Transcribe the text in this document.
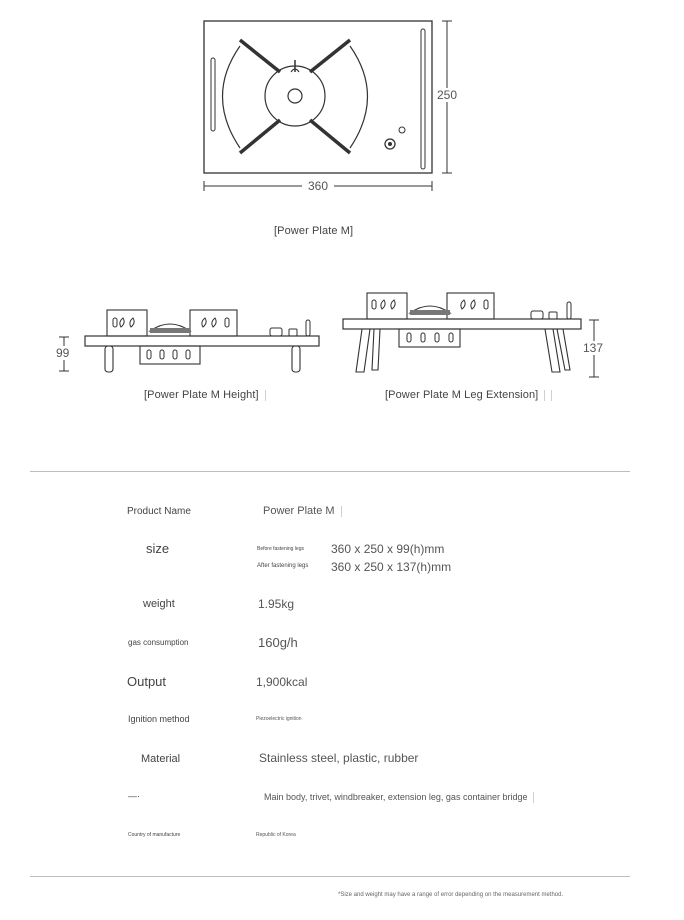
250
360
[Power Plate M]
99
[Power Plate M Height]
137
[Power Plate M Leg Extension]
Product Name	Power Plate M
size	Before fastening legs 360 x 250 x 99(h)mm
After fastening legs 360 x 250 x 137(h)mm
weight	1.95kg
gas consumption	160g/h
Output	1,900kcal
Ignition method	Piezoelectric ignition
Material	Stainless steel, plastic, rubber
—·	Main body, trivet, windbreaker, extension leg, gas container bridge
Country of manufacture	Republic of Korea
*Size and weight may have a range of error depending on the measurement method.
